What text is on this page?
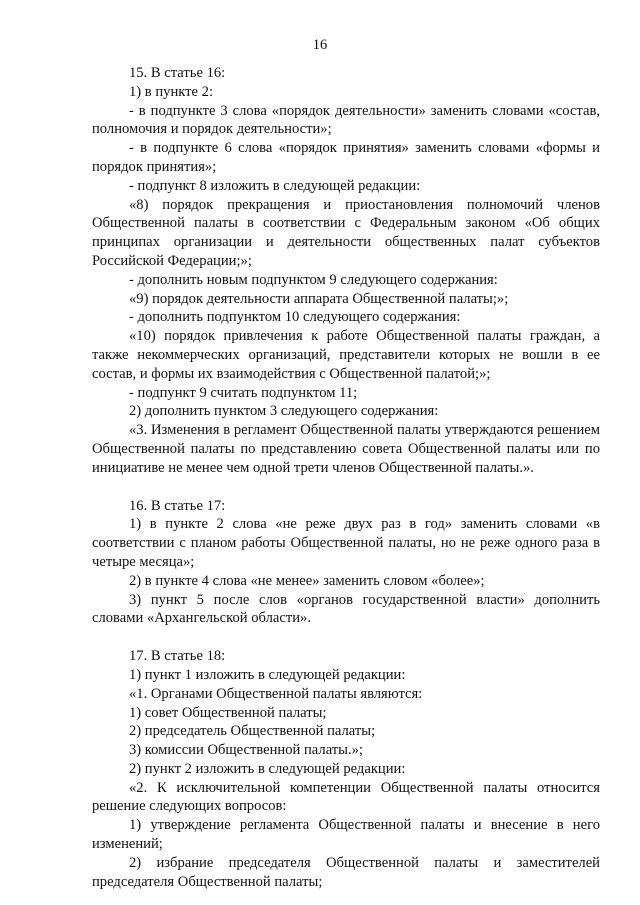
16

15. В статье 16:

1) в пункте 2:

- в подпункте 3 слова «порядок деятельности» заменить словами «состав, полномочия и порядок деятельности»;

- в подпункте 6 слова «порядок принятия» заменить словами «формы и порядок принятия»;

- подпункт 8 изложить в следующей редакции:

«8) порядок прекращения и приостановления полномочий членов Общественной палаты в соответствии с Федеральным законом «Об общих принципах организации и деятельности общественных палат субъектов Российской Федерации;»;

- дополнить новым подпунктом 9 следующего содержания:

«9) порядок деятельности аппарата Общественной палаты;»;

- дополнить подпунктом 10 следующего содержания:

«10) порядок привлечения к работе Общественной палаты граждан, а также некоммерческих организаций, представители которых не вошли в ее состав, и формы их взаимодействия с Общественной палатой;»;

- подпункт 9 считать подпунктом 11;

2) дополнить пунктом 3 следующего содержания:

«3. Изменения в регламент Общественной палаты утверждаются решением Общественной палаты по представлению совета Общественной палаты или по инициативе не менее чем одной трети членов Общественной палаты.».

16. В статье 17:

1) в пункте 2 слова «не реже двух раз в год» заменить словами «в соответствии с планом работы Общественной палаты, но не реже одного раза в четыре месяца»;

2) в пункте 4 слова «не менее» заменить словом «более»;

3) пункт 5 после слов «органов государственной власти» дополнить словами «Архангельской области».

17. В статье 18:

1) пункт 1 изложить в следующей редакции:

«1. Органами Общественной палаты являются:

1) совет Общественной палаты;

2) председатель Общественной палаты;

3) комиссии Общественной палаты.»;

2) пункт 2 изложить в следующей редакции:

«2. К исключительной компетенции Общественной палаты относится решение следующих вопросов:

1) утверждение регламента Общественной палаты и внесение в него изменений;

2) избрание председателя Общественной палаты и заместителей председателя Общественной палаты;
